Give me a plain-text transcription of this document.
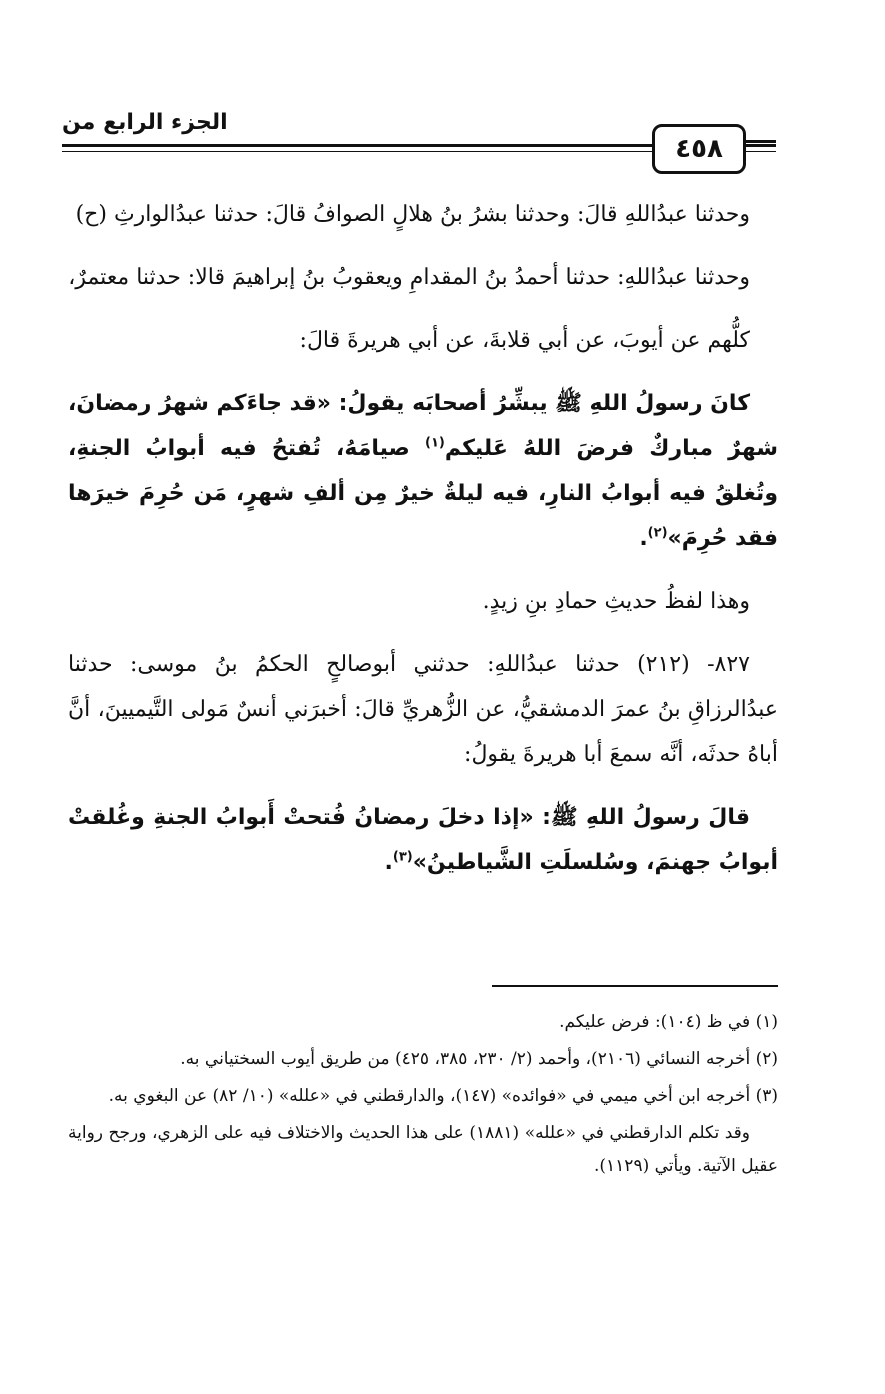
الجزء الرابع من
٤٥٨

وحدثنا عبدُاللهِ قالَ: وحدثنا بشرُ بنُ هلالٍ الصوافُ قالَ: حدثنا عبدُالوارثِ (ح)

وحدثنا عبدُاللهِ: حدثنا أحمدُ بنُ المقدامِ ويعقوبُ بنُ إبراهيمَ قالا: حدثنا معتمرٌ،

كلُّهم عن أيوبَ، عن أبي قلابةَ، عن أبي هريرةَ قالَ:

كانَ رسولُ اللهِ ﷺ يبشِّرُ أصحابَه يقولُ: «قد جاءَكم شهرُ رمضانَ، شهرٌ مباركٌ فرضَ اللهُ عَليكم$^{(١)}$ صيامَهُ، تُفتحُ فيه أبوابُ الجنةِ، وتُغلقُ فيه أبوابُ النارِ، فيه ليلةٌ خيرٌ مِن ألفِ شهرٍ، مَن حُرِمَ خيرَها فقد حُرِمَ»$^{(٢)}$.

وهذا لفظُ حديثِ حمادِ بنِ زيدٍ.

٨٢٧- (٢١٢) حدثنا عبدُاللهِ: حدثني أبوصالحٍ الحكمُ بنُ موسى: حدثنا عبدُالرزاقِ بنُ عمرَ الدمشقيُّ، عن الزُّهريِّ قالَ: أخبرَني أنسٌ مَولى التَّيميينَ، أنَّ أباهُ حدثَه، أنَّه سمعَ أبا هريرةَ يقولُ:

قالَ رسولُ اللهِ ﷺ: «إذا دخلَ رمضانُ فُتحتْ أَبوابُ الجنةِ وغُلقتْ أبوابُ جهنمَ، وسُلسلَتِ الشَّياطينُ»$^{(٣)}$.

(١) في ظ (١٠٤): فرض عليكم.

(٢) أخرجه النسائي (٢١٠٦)، وأحمد (٢/ ٢٣٠، ٣٨٥، ٤٢٥) من طريق أيوب السختياني به.

(٣) أخرجه ابن أخي ميمي في «فوائده» (١٤٧)، والدارقطني في «علله» (١٠/ ٨٢) عن البغوي به.

وقد تكلم الدارقطني في «علله» (١٨٨١) على هذا الحديث والاختلاف فيه على الزهري، ورجح رواية عقيل الآتية. ويأتي (١١٢٩).
